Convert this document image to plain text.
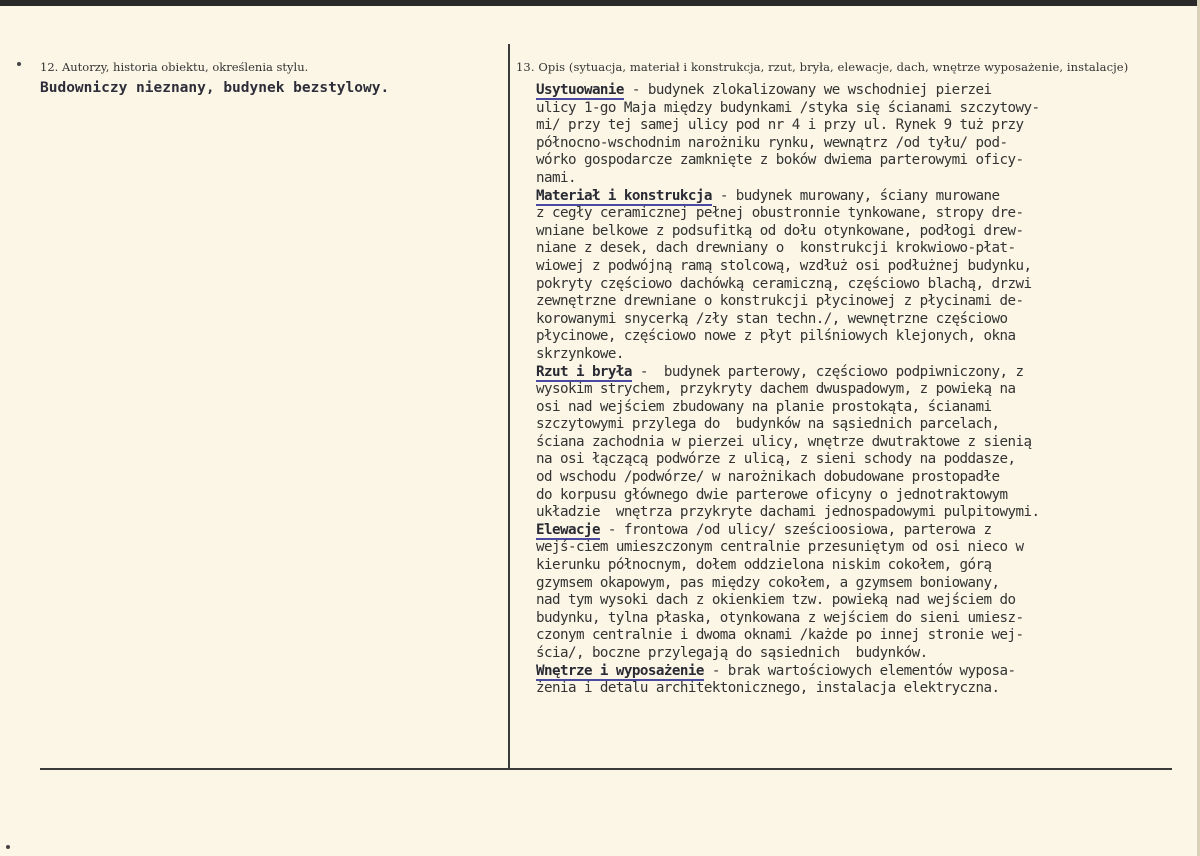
12. Autorzy, historia obiektu, określenia stylu.
Budowniczy nieznany, budynek bezstylowy.
13. Opis (sytuacja, materiał i konstrukcja, rzut, bryła, elewacje, dach, wnętrze wyposażenie, instalacje)
Usytuowanie - budynek zlokalizowany we wschodniej pierzei
ulicy 1-go Maja między budynkami /styka się ścianami szczytowy-
mi/ przy tej samej ulicy pod nr 4 i przy ul. Rynek 9 tuż przy
północno-wschodnim narożniku rynku, wewnątrz /od tyłu/ pod-
wórko gospodarcze zamknięte z boków dwiema parterowymi oficy-
nami.
Materiał i konstrukcja - budynek murowany, ściany murowane
z cegły ceramicznej pełnej obustronnie tynkowane, stropy dre-
wniane belkowe z podsufitką od dołu otynkowane, podłogi drew-
niane z desek, dach drewniany o  konstrukcji krokwiowo-płat-
wiowej z podwójną ramą stolcową, wzdłuż osi podłużnej budynku,
pokryty częściowo dachówką ceramiczną, częściowo blachą, drzwi
zewnętrzne drewniane o konstrukcji płycinowej z płycinami de-
korowanymi snycerką /zły stan techn./, wewnętrzne częściowo
płycinowe, częściowo nowe z płyt pilśniowych klejonych, okna
skrzynkowe.
Rzut i bryła -  budynek parterowy, częściowo podpiwniczony, z
wysokim strychem, przykryty dachem dwuspadowym, z powieką na
osi nad wejściem zbudowany na planie prostokąta, ścianami
szczytowymi przylega do  budynków na sąsiednich parcelach,
ściana zachodnia w pierzei ulicy, wnętrze dwutraktowe z sienią
na osi łączącą podwórze z ulicą, z sieni schody na poddasze,
od wschodu /podwórze/ w narożnikach dobudowane prostopadłe
do korpusu głównego dwie parterowe oficyny o jednotraktowym
układzie  wnętrza przykryte dachami jednospadowymi pulpitowymi.
Elewacje - frontowa /od ulicy/ sześcioosiowa, parterowa z
wejś-ciem umieszczonym centralnie przesuniętym od osi nieco w
kierunku północnym, dołem oddzielona niskim cokołem, górą
gzymsem okapowym, pas między cokołem, a gzymsem boniowany,
nad tym wysoki dach z okienkiem tzw. powieką nad wejściem do
budynku, tylna płaska, otynkowana z wejściem do sieni umiesz-
czonym centralnie i dwoma oknami /każde po innej stronie wej-
ścia/, boczne przylegają do sąsiednich  budynków.
Wnętrze i wyposażenie - brak wartościowych elementów wyposa-
żenia i detalu architektonicznego, instalacja elektryczna.
